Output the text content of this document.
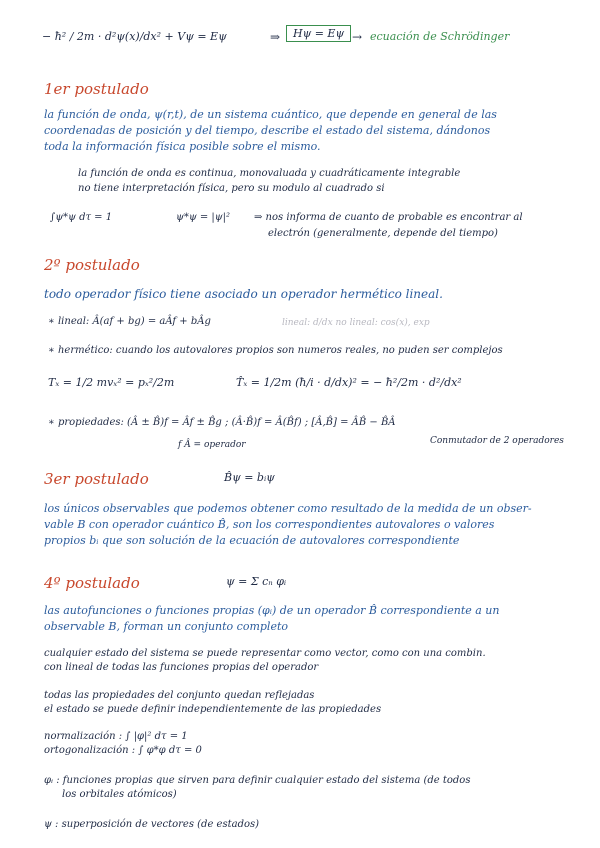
− ħ² / 2m · d²ψ(x)/dx² + Vψ = Eψ	⇒	Hψ = Eψ → ecuación de Schrödinger
1er postulado
la función de onda, ψ(r,t), de un sistema cuántico, que depende en general de las
coordenadas de posición y del tiempo, describe el estado del sistema, dándonos
toda la información física posible sobre el mismo.
la función de onda es continua, monovaluada y cuadráticamente integrable
no tiene interpretación física, pero su modulo al cuadrado si
∫ψ*ψ dτ = 1	ψ*ψ = |ψ|² ⇒ nos informa de cuanto de probable es encontrar al
electrón (generalmente, depende del tiempo)
2º postulado
todo operador físico tiene asociado un operador hermético lineal.
∗ lineal: Â(af + bg) = aÂf + bÂg	lineal: d/dx no lineal: cos(x), exp
∗ hermético: cuando los autovalores propios son numeros reales, no puden ser complejos
Tₓ = 1/2 mvₓ² = pₓ²/2m	T̂ₓ = 1/2m (ħ/i · d/dx)² = − ħ²/2m · d²/dx²
∗ propiedades: (Â ± B̂)f = Âf ± B̂g ; (Â·B̂)f = Â(B̂f) ; [Â,B̂] = ÂB̂ − B̂Â
f Â = operador	Conmutador de 2 operadores
3er postulado	B̂ψ = bᵢψ
los únicos observables que podemos obtener como resultado de la medida de un obser-
vable B con operador cuántico B̂, son los correspondientes autovalores o valores
propios bᵢ que son solución de la ecuación de autovalores correspondiente
4º postulado	ψ = Σ cₙ φᵢ
las autofunciones o funciones propias (φᵢ) de un operador B̂ correspondiente a un
observable B, forman un conjunto completo
cualquier estado del sistema se puede representar como vector, como con una combin.
con lineal de todas las funciones propias del operador
todas las propiedades del conjunto quedan reflejadas
el estado se puede definir independientemente de las propiedades
normalización : ∫ |φ|² dτ = 1
ortogonalización : ∫ φ*φ dτ = 0
φᵢ : funciones propias que sirven para definir cualquier estado del sistema (de todos
los orbitales atómicos)
ψ : superposición de vectores (de estados)
